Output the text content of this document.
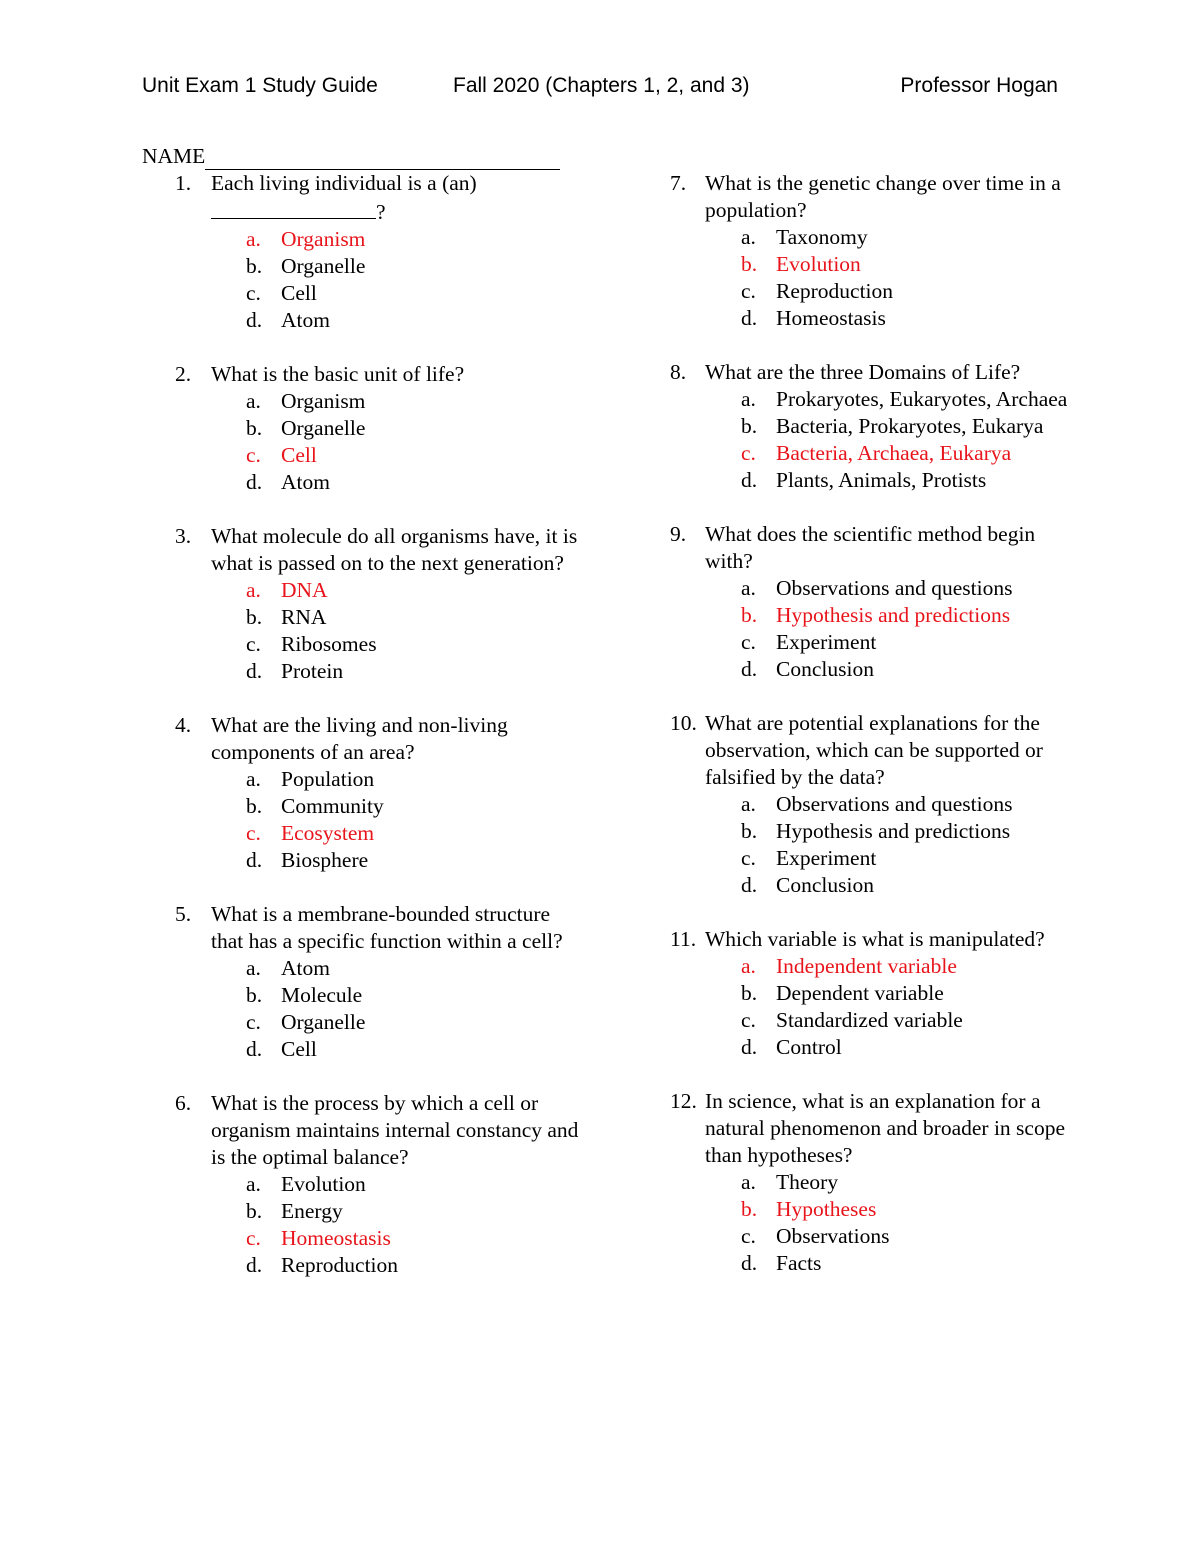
Unit Exam 1 Study Guide	Fall 2020 (Chapters 1, 2, and 3)	Professor Hogan
NAME
1. Each living individual is a (an)?
a. Organism
b. Organelle
c. Cell
d. Atom
2. What is the basic unit of life?
a. Organism
b. Organelle
c. Cell
d. Atom
3. What molecule do all organisms have, it is what is passed on to the next generation?
a. DNA
b. RNA
c. Ribosomes
d. Protein
4. What are the living and non-living components of an area?
a. Population
b. Community
c. Ecosystem
d. Biosphere
5. What is a membrane-bounded structure that has a specific function within a cell?
a. Atom
b. Molecule
c. Organelle
d. Cell
6. What is the process by which a cell or organism maintains internal constancy and is the optimal balance?
a. Evolution
b. Energy
c. Homeostasis
d. Reproduction
7. What is the genetic change over time in a population?
a. Taxonomy
b. Evolution
c. Reproduction
d. Homeostasis
8. What are the three Domains of Life?
a. Prokaryotes, Eukaryotes, Archaea
b. Bacteria, Prokaryotes, Eukarya
c. Bacteria, Archaea, Eukarya
d. Plants, Animals, Protists
9. What does the scientific method begin with?
a. Observations and questions
b. Hypothesis and predictions
c. Experiment
d. Conclusion
10. What are potential explanations for the observation, which can be supported or falsified by the data?
a. Observations and questions
b. Hypothesis and predictions
c. Experiment
d. Conclusion
11. Which variable is what is manipulated?
a. Independent variable
b. Dependent variable
c. Standardized variable
d. Control
12. In science, what is an explanation for a natural phenomenon and broader in scope than hypotheses?
a. Theory
b. Hypotheses
c. Observations
d. Facts
